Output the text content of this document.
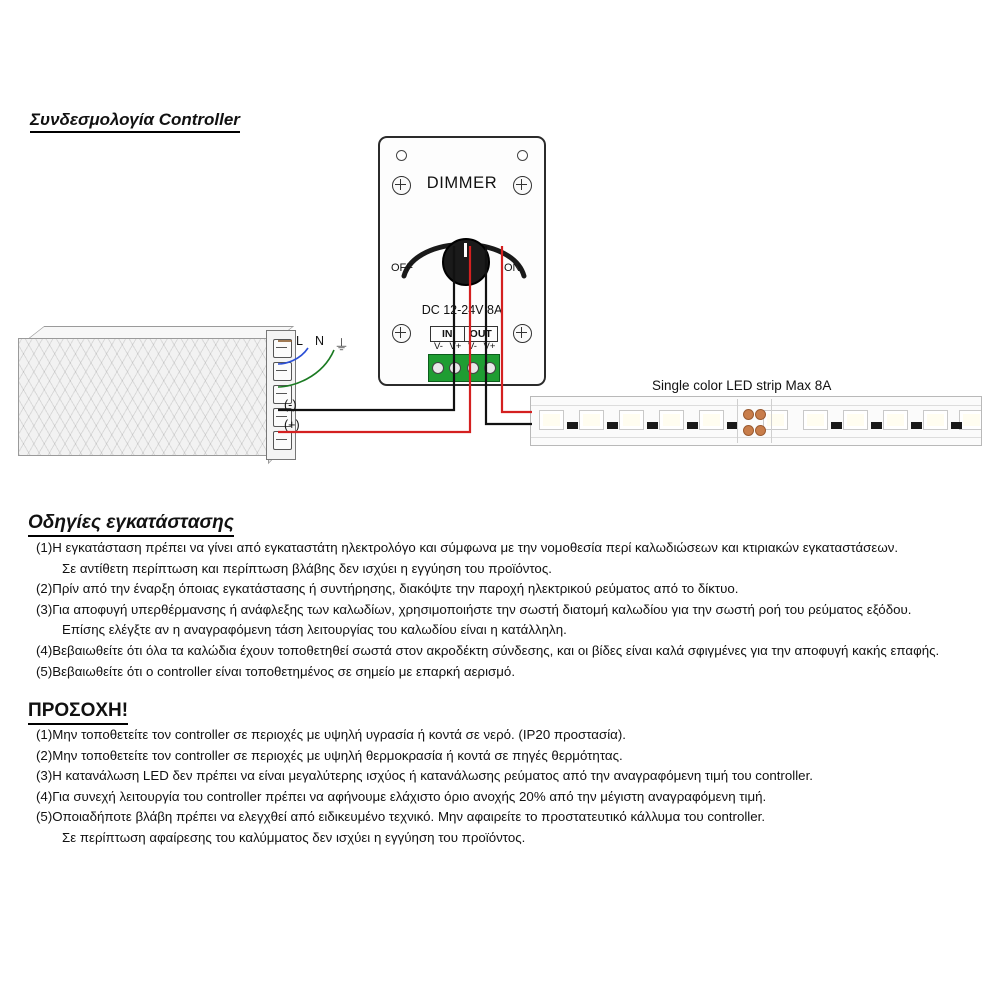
Συνδεσμολογία Controller
L N ⏚
(-)
(+)
DIMMER
OFF	ON
DC 12-24V 8A
IN	OUT
V- V+ V- V+
Single color LED strip Max 8A
Οδηγίες εγκατάστασης
(1)Η εγκατάσταση πρέπει να γίνει από εγκαταστάτη ηλεκτρολόγο και σύμφωνα με την νομοθεσία περί καλωδιώσεων και κτιριακών εγκαταστάσεων.
Σε αντίθετη περίπτωση και περίπτωση βλάβης δεν ισχύει η εγγύηση του προϊόντος.
(2)Πρίν από την έναρξη όποιας εγκατάστασης ή συντήρησης, διακόψτε την παροχή ηλεκτρικού ρεύματος από το δίκτυο.
(3)Για αποφυγή υπερθέρμανσης ή ανάφλεξης των καλωδίων, χρησιμοποιήστε την σωστή διατομή καλωδίου για την σωστή ροή του ρεύματος εξόδου.
Επίσης ελέγξτε αν η αναγραφόμενη τάση λειτουργίας του καλωδίου είναι η κατάλληλη.
(4)Βεβαιωθείτε ότι όλα τα καλώδια έχουν τοποθετηθεί σωστά στον ακροδέκτη σύνδεσης, και οι βίδες είναι καλά σφιγμένες για την αποφυγή κακής επαφής.
(5)Βεβαιωθείτε ότι ο controller είναι τοποθετημένος σε σημείο με επαρκή αερισμό.
ΠΡΟΣΟΧΗ!
(1)Μην τοποθετείτε τον controller σε περιοχές με υψηλή υγρασία ή κοντά σε νερό. (IP20 προστασία).
(2)Μην τοποθετείτε τον controller σε περιοχές με υψηλή θερμοκρασία ή κοντά σε πηγές θερμότητας.
(3)Η κατανάλωση LED δεν πρέπει να είναι μεγαλύτερης ισχύος ή κατανάλωσης ρεύματος από την αναγραφόμενη τιμή του controller.
(4)Για συνεχή λειτουργία του controller πρέπει να αφήνουμε ελάχιστο όριο ανοχής 20% από την μέγιστη αναγραφόμενη τιμή.
(5)Οποιαδήποτε βλάβη πρέπει να ελεγχθεί από ειδικευμένο τεχνικό. Μην αφαιρείτε το προστατευτικό κάλλυμα του controller.
Σε περίπτωση αφαίρεσης του καλύμματος δεν ισχύει η εγγύηση του προϊόντος.
